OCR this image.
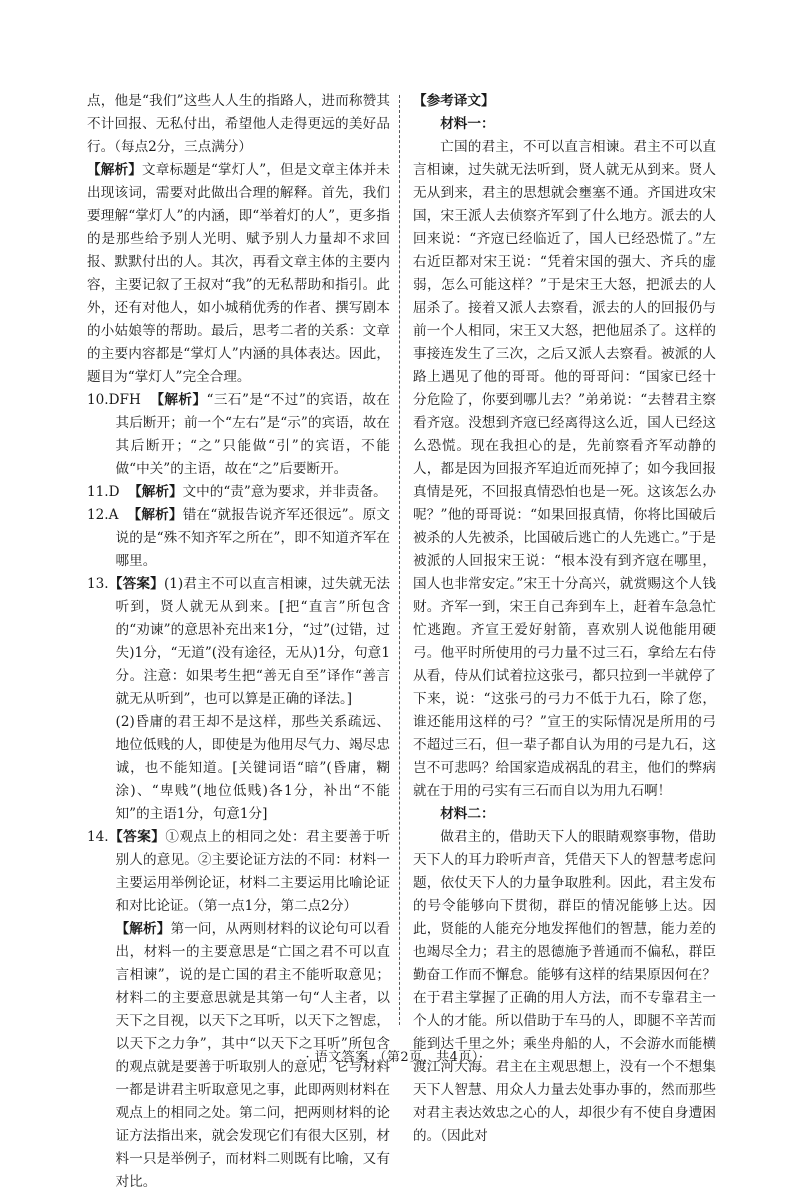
点，他是“我们”这些人人生的指路人，进而称赞其不计回报、无私付出，希望他人走得更远的美好品行。（每点2分，三点满分）

【解析】文章标题是“掌灯人”，但是文章主体并未出现该词，需要对此做出合理的解释。首先，我们要理解“掌灯人”的内涵，即“举着灯的人”，更多指的是那些给予别人光明、赋予别人力量却不求回报、默默付出的人。其次，再看文章主体的主要内容，主要记叙了王叔对“我”的无私帮助和指引。此外，还有对他人，如小城稍优秀的作者、撰写剧本的小姑娘等的帮助。最后，思考二者的关系：文章的主要内容都是“掌灯人”内涵的具体表达。因此，题目为“掌灯人”完全合理。

10.DFH 【解析】“三石”是“不过”的宾语，故在其后断开；前一个“左右”是“示”的宾语，故在其后断开；“之”只能做“引”的宾语，不能做“中关”的主语，故在“之”后要断开。

11.D 【解析】文中的“责”意为要求，并非责备。

12.A 【解析】错在“就报告说齐军还很远”。原文说的是“殊不知齐军之所在”，即不知道齐军在哪里。

13.【答案】(1)君主不可以直言相谏，过失就无法听到，贤人就无从到来。[把“直言”所包含的“劝谏”的意思补充出来1分，“过”(过错，过失)1分，“无道”(没有途径，无从)1分，句意1分。注意：如果考生把“善无自至”译作“善言就无从听到”，也可以算是正确的译法。]

(2)昏庸的君王却不是这样，那些关系疏远、地位低贱的人，即使是为他用尽气力、竭尽忠诚，也不能知道。[关键词语“暗”(昏庸，糊涂)、“卑贱”(地位低贱)各1分，补出“不能知”的主语1分，句意1分]

14.【答案】①观点上的相同之处：君主要善于听别人的意见。②主要论证方法的不同：材料一主要运用举例论证，材料二主要运用比喻论证和对比论证。（第一点1分，第二点2分）

【解析】第一问，从两则材料的议论句可以看出，材料一的主要意思是“亡国之君不可以直言相谏”，说的是亡国的君主不能听取意见；材料二的主要意思就是其第一句“人主者，以天下之目视，以天下之耳听，以天下之智虑，以天下之力争”，其中“以天下之耳听”所包含的观点就是要善于听取别人的意见，它与材料一都是讲君主听取意见之事，此即两则材料在观点上的相同之处。第二问，把两则材料的论证方法指出来，就会发现它们有很大区别，材料一只是举例子，而材料二则既有比喻，又有对比。

【参考译文】

材料一：

亡国的君主，不可以直言相谏。君主不可以直言相谏，过失就无法听到，贤人就无从到来。贤人无从到来，君主的思想就会壅塞不通。齐国进攻宋国，宋王派人去侦察齐军到了什么地方。派去的人回来说：“齐寇已经临近了，国人已经恐慌了。”左右近臣都对宋王说：“凭着宋国的强大、齐兵的虚弱，怎么可能这样？”于是宋王大怒，把派去的人屈杀了。接着又派人去察看，派去的人的回报仍与前一个人相同，宋王又大怒，把他屈杀了。这样的事接连发生了三次，之后又派人去察看。被派的人路上遇见了他的哥哥。他的哥哥问：“国家已经十分危险了，你要到哪儿去？”弟弟说：“去替君主察看齐寇。没想到齐寇已经离得这么近，国人已经这么恐慌。现在我担心的是，先前察看齐军动静的人，都是因为回报齐军迫近而死掉了；如今我回报真情是死，不回报真情恐怕也是一死。这该怎么办呢？”他的哥哥说：“如果回报真情，你将比国破后被杀的人先被杀，比国破后逃亡的人先逃亡。”于是被派的人回报宋王说：“根本没有到齐寇在哪里，国人也非常安定。”宋王十分高兴，就赏赐这个人钱财。齐军一到，宋王自己奔到车上，赶着车急急忙忙逃跑。齐宣王爱好射箭，喜欢别人说他能用硬弓。他平时所使用的弓力量不过三石，拿给左右侍从看，侍从们试着拉这张弓，都只拉到一半就停了下来，说：“这张弓的弓力不低于九石，除了您，谁还能用这样的弓？”宣王的实际情况是所用的弓不超过三石，但一辈子都自认为用的弓是九石，这岂不可悲吗？给国家造成祸乱的君主，他们的弊病就在于用的弓实有三石而自以为用九石啊！

材料二：

做君主的，借助天下人的眼睛观察事物，借助天下人的耳力聆听声音，凭借天下人的智慧考虑问题，依仗天下人的力量争取胜利。因此，君主发布的号令能够向下贯彻，群臣的情况能够上达。因此，贤能的人能充分地发挥他们的智慧，能力差的也竭尽全力；君主的恩德施予普通而不偏私，群臣勤奋工作而不懈怠。能够有这样的结果原因何在？在于君主掌握了正确的用人方法，而不专靠君主一个人的才能。所以借助于车马的人，即腿不辛苦而能到达千里之外；乘坐舟船的人，不会游水而能横渡江河大海。君主在主观思想上，没有一个不想集天下人智慧、用众人力量去处事办事的，然而那些对君主表达效忠之心的人，却很少有不使自身遭困的。（因此对

· 语文答案 （第2页，共4页）·
